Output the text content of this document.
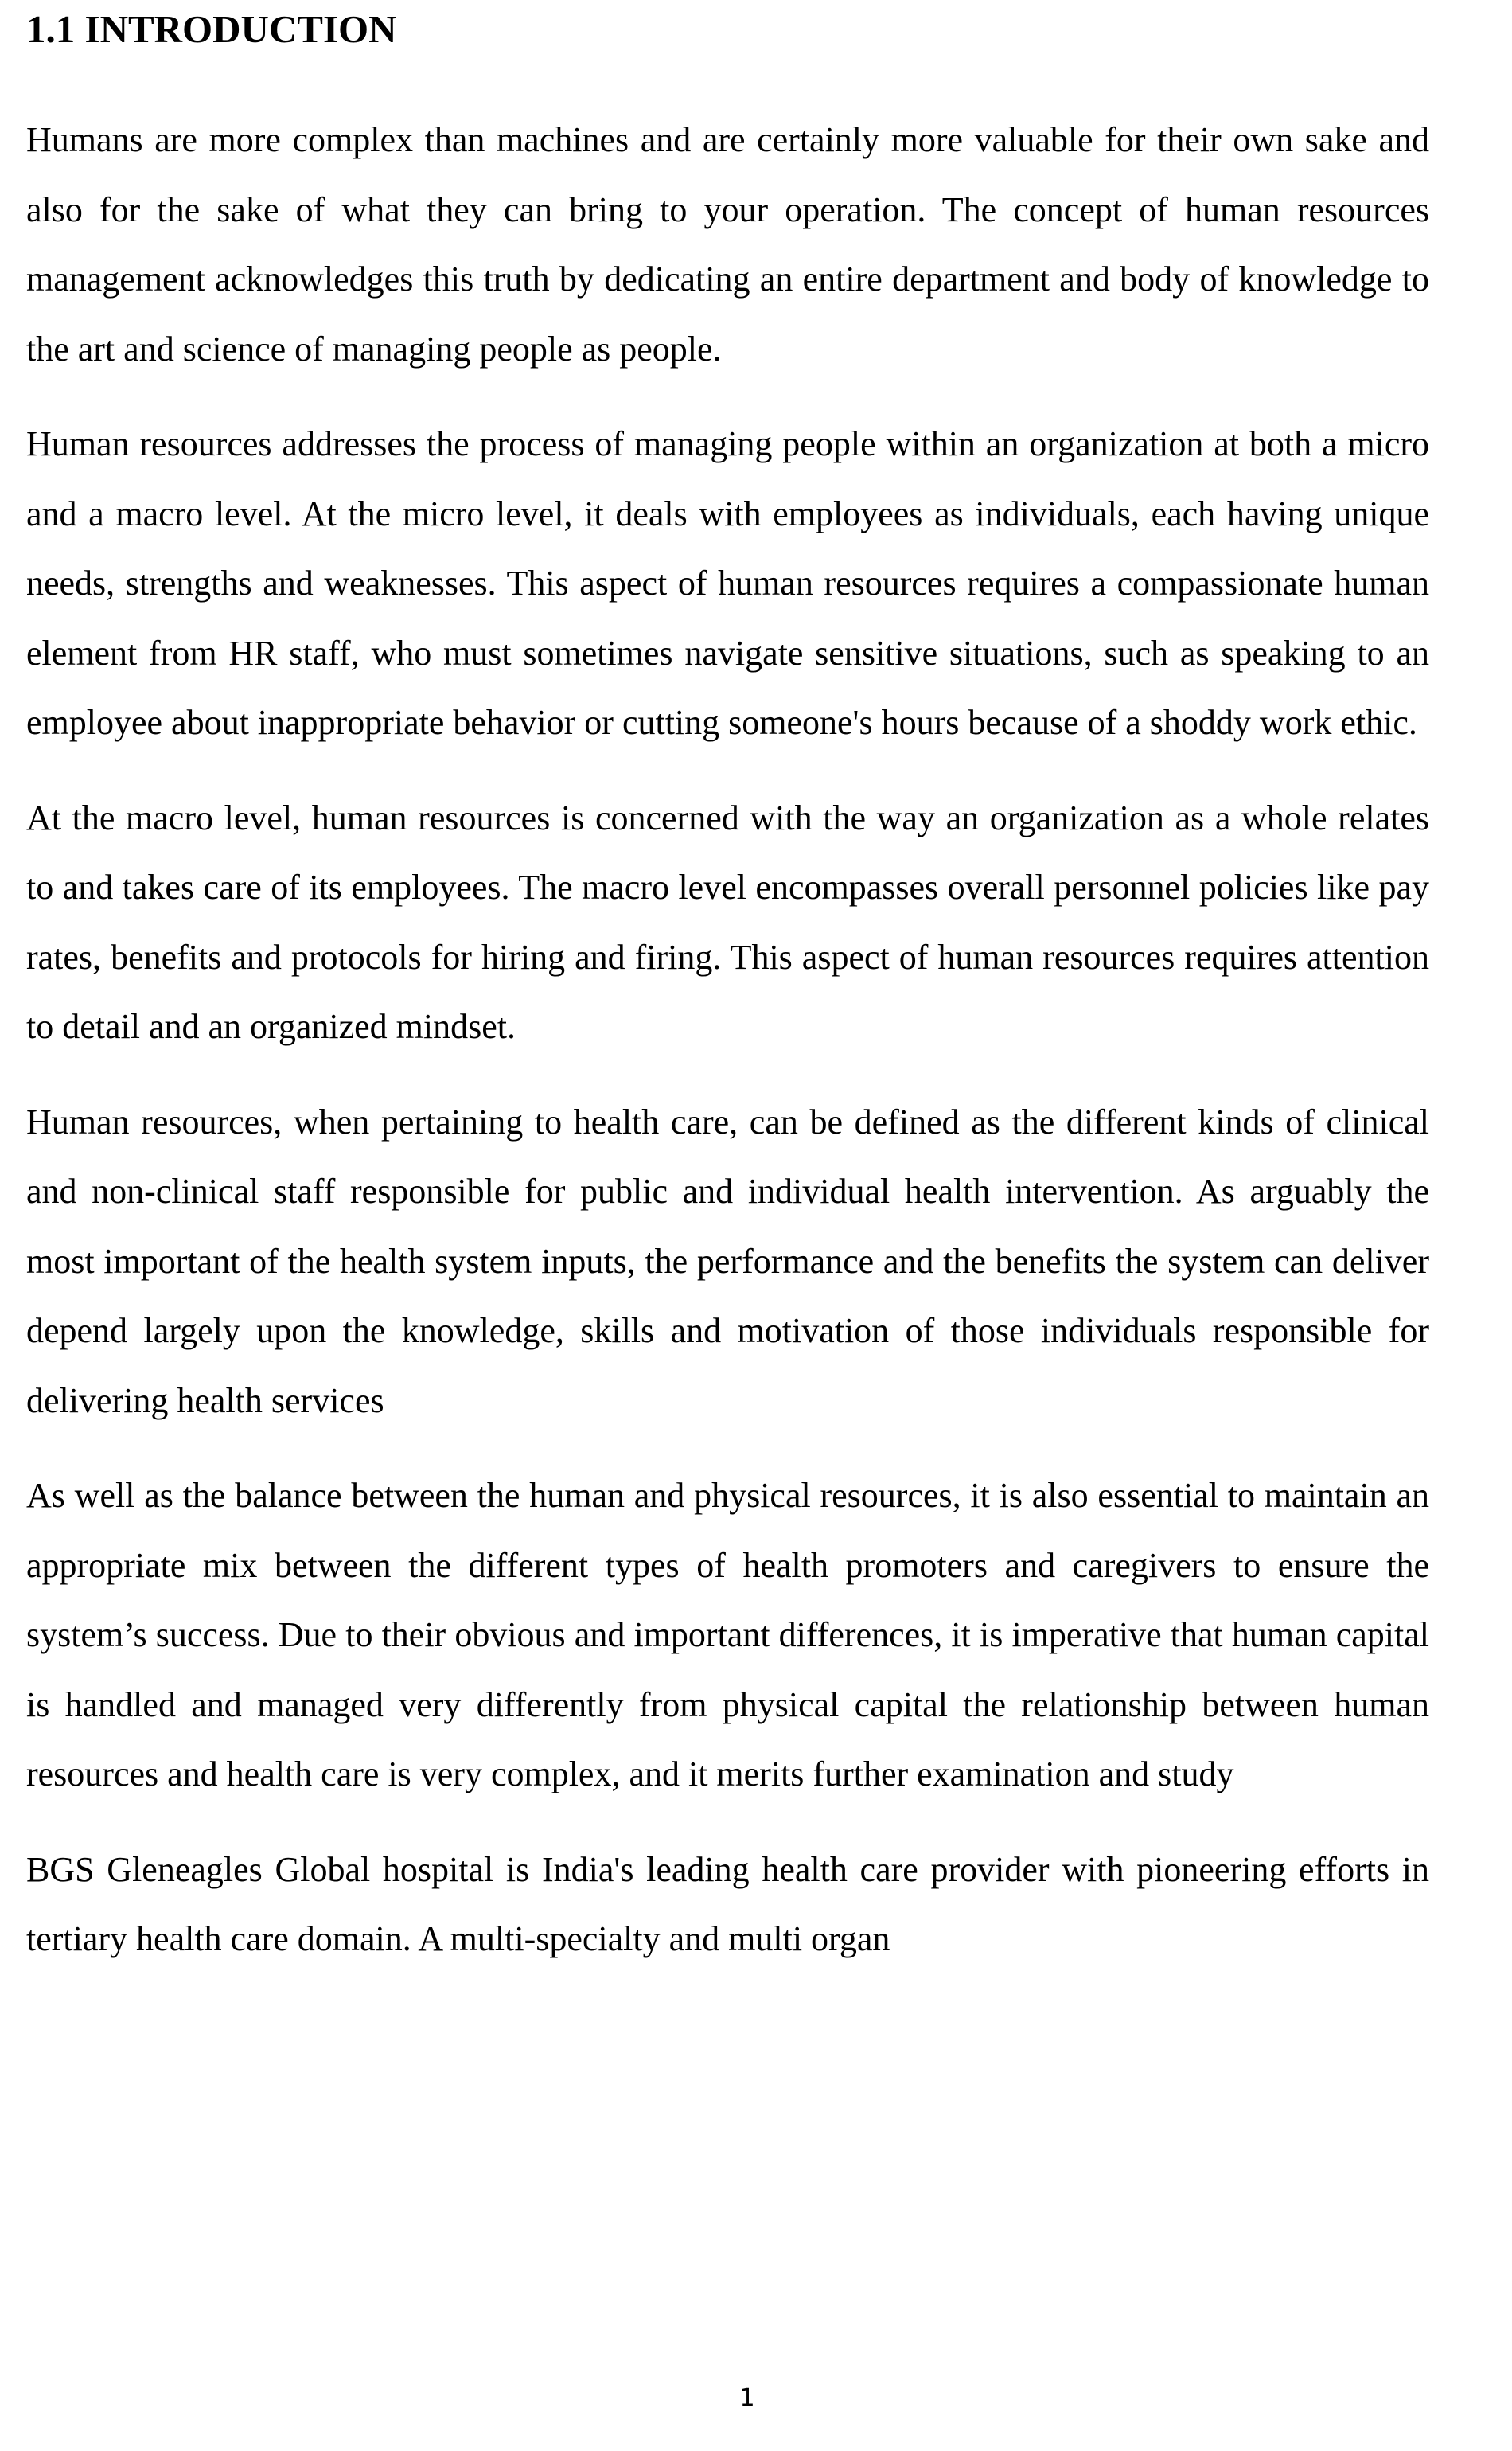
1.1 INTRODUCTION

Humans are more complex than machines and are certainly more valuable for their own sake and also for the sake of what they can bring to your operation. The concept of human resources management acknowledges this truth by dedicating an entire department and body of knowledge to the art and science of managing people as people.

Human resources addresses the process of managing people within an organization at both a micro and a macro level. At the micro level, it deals with employees as individuals, each having unique needs, strengths and weaknesses. This aspect of human resources requires a compassionate human element from HR staff, who must sometimes navigate sensitive situations, such as speaking to an employee about inappropriate behavior or cutting someone's hours because of a shoddy work ethic.

At the macro level, human resources is concerned with the way an organization as a whole relates to and takes care of its employees. The macro level encompasses overall personnel policies like pay rates, benefits and protocols for hiring and firing. This aspect of human resources requires attention to detail and an organized mindset.

Human resources, when pertaining to health care, can be defined as the different kinds of clinical and non-clinical staff responsible for public and individual health intervention. As arguably the most important of the health system inputs, the performance and the benefits the system can deliver depend largely upon the knowledge, skills and motivation of those individuals responsible for delivering health services

As well as the balance between the human and physical resources, it is also essential to maintain an appropriate mix between the different types of health promoters and caregivers to ensure the system’s success. Due to their obvious and important differences, it is imperative that human capital is handled and managed very differently from physical capital the relationship between human resources and health care is very complex, and it merits further examination and study

BGS Gleneagles Global hospital is India's leading health care provider with pioneering efforts in tertiary health care domain. A multi-specialty and multi organ

1
